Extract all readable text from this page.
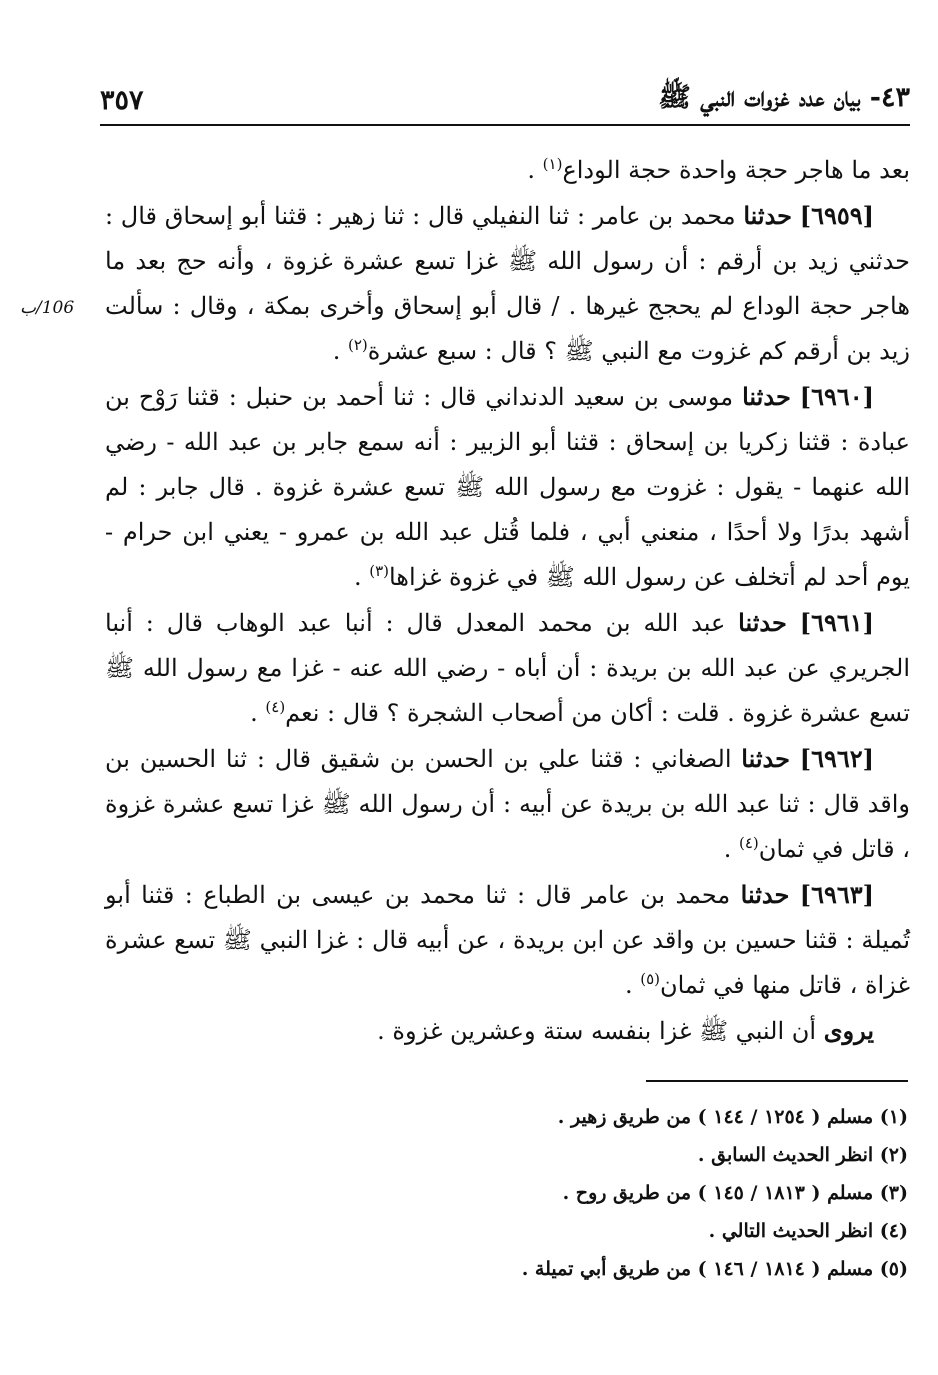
٣٥٧	٤٣- بيان عدد غزوات النبي ﷺ
106/ب

بعد ما هاجر حجة واحدة حجة الوداع$^{(١)}$ .

[٦٩٥٩] حدثنا محمد بن عامر : ثنا النفيلي قال : ثنا زهير : قثنا أبو إسحاق قال : حدثني زيد بن أرقم : أن رسول الله ﷺ غزا تسع عشرة غزوة ، وأنه حج بعد ما هاجر حجة الوداع لم يحجج غيرها . / قال أبو إسحاق وأخرى بمكة ، وقال : سألت زيد بن أرقم كم غزوت مع النبي ﷺ ؟ قال : سبع عشرة$^{(٢)}$ .

[٦٩٦٠] حدثنا موسى بن سعيد الدنداني قال : ثنا أحمد بن حنبل : قثنا رَوْح بن عبادة : قثنا زكريا بن إسحاق : قثنا أبو الزبير : أنه سمع جابر بن عبد الله - رضي الله عنهما - يقول : غزوت مع رسول الله ﷺ تسع عشرة غزوة . قال جابر : لم أشهد بدرًا ولا أحدًا ، منعني أبي ، فلما قُتل عبد الله بن عمرو - يعني ابن حرام - يوم أحد لم أتخلف عن رسول الله ﷺ في غزوة غزاها$^{(٣)}$ .

[٦٩٦١] حدثنا عبد الله بن محمد المعدل قال : أنبا عبد الوهاب قال : أنبا الجريري عن عبد الله بن بريدة : أن أباه - رضي الله عنه - غزا مع رسول الله ﷺ تسع عشرة غزوة . قلت : أكان من أصحاب الشجرة ؟ قال : نعم$^{(٤)}$ .

[٦٩٦٢] حدثنا الصغاني : قثنا علي بن الحسن بن شقيق قال : ثنا الحسين بن واقد قال : ثنا عبد الله بن بريدة عن أبيه : أن رسول الله ﷺ غزا تسع عشرة غزوة ، قاتل في ثمان$^{(٤)}$ .

[٦٩٦٣] حدثنا محمد بن عامر قال : ثنا محمد بن عيسى بن الطباع : قثنا أبو تُميلة : قثنا حسين بن واقد عن ابن بريدة ، عن أبيه قال : غزا النبي ﷺ تسع عشرة غزاة ، قاتل منها في ثمان$^{(٥)}$ .

يروى أن النبي ﷺ غزا بنفسه ستة وعشرين غزوة .

(١) مسلم ( ١٢٥٤ / ١٤٤ ) من طريق زهير .
(٢) انظر الحديث السابق .
(٣) مسلم ( ١٨١٣ / ١٤٥ ) من طريق روح .
(٤) انظر الحديث التالي .
(٥) مسلم ( ١٨١٤ / ١٤٦ ) من طريق أبي تميلة .
